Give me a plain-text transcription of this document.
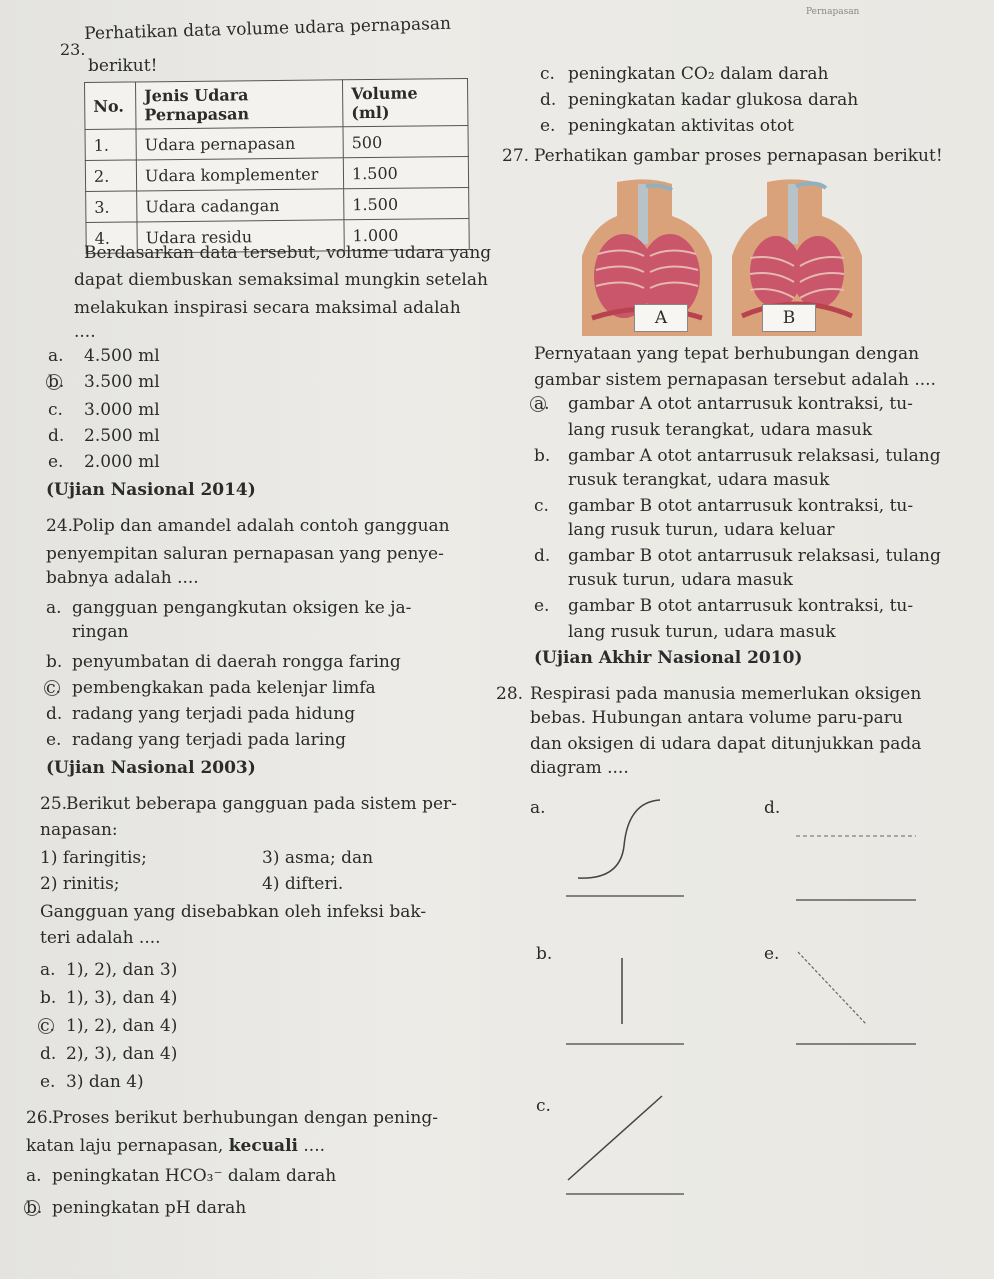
Pernapasan
23.
Perhatikan data volume udara pernapasan
berikut!
No.	Jenis Udara Pernapasan	Volume (ml)
1.	Udara pernapasan	500
2.	Udara komplementer	1.500
3.	Udara cadangan	1.500
4.	Udara residu	1.000
Berdasarkan data tersebut, volume udara yang
dapat diembuskan semaksimal mungkin setelah
melakukan inspirasi secara maksimal adalah
....
a. 4.500 ml
b. 3.500 ml
c. 3.000 ml
d. 2.500 ml
e. 2.000 ml
(Ujian Nasional 2014)
24.
Polip dan amandel adalah contoh gangguan
penyempitan saluran pernapasan yang penye-
babnya adalah ....
a. gangguan pengangkutan oksigen ke ja-
ringan
b. penyumbatan di daerah rongga faring
c. pembengkakan pada kelenjar limfa
d. radang yang terjadi pada hidung
e. radang yang terjadi pada laring
(Ujian Nasional 2003)
25.
Berikut beberapa gangguan pada sistem per-
napasan:
1) faringitis;	3) asma; dan
2) rinitis;	4) difteri.
Gangguan yang disebabkan oleh infeksi bak-
teri adalah ....
a. 1), 2), dan 3)
b. 1), 3), dan 4)
c. 1), 2), dan 4)
d. 2), 3), dan 4)
e. 3) dan 4)
26.
Proses berikut berhubungan dengan pening-
katan laju pernapasan, kecuali ....
a. peningkatan HCO₃⁻ dalam darah
b. peningkatan pH darah
c. peningkatan CO₂ dalam darah
d. peningkatan kadar glukosa darah
e. peningkatan aktivitas otot
27. Perhatikan gambar proses pernapasan berikut!
A	B
Pernyataan yang tepat berhubungan dengan
gambar sistem pernapasan tersebut adalah ....
a. gambar A otot antarrusuk kontraksi, tu-
lang rusuk terangkat, udara masuk
b. gambar A otot antarrusuk relaksasi, tulang
rusuk terangkat, udara masuk
c. gambar B otot antarrusuk kontraksi, tu-
lang rusuk turun, udara keluar
d. gambar B otot antarrusuk relaksasi, tulang
rusuk turun, udara masuk
e. gambar B otot antarrusuk kontraksi, tu-
lang rusuk turun, udara masuk
(Ujian Akhir Nasional 2010)
28. Respirasi pada manusia memerlukan oksigen
bebas. Hubungan antara volume paru-paru
dan oksigen di udara dapat ditunjukkan pada
diagram ....
a.
b.
c.
d.
e.
